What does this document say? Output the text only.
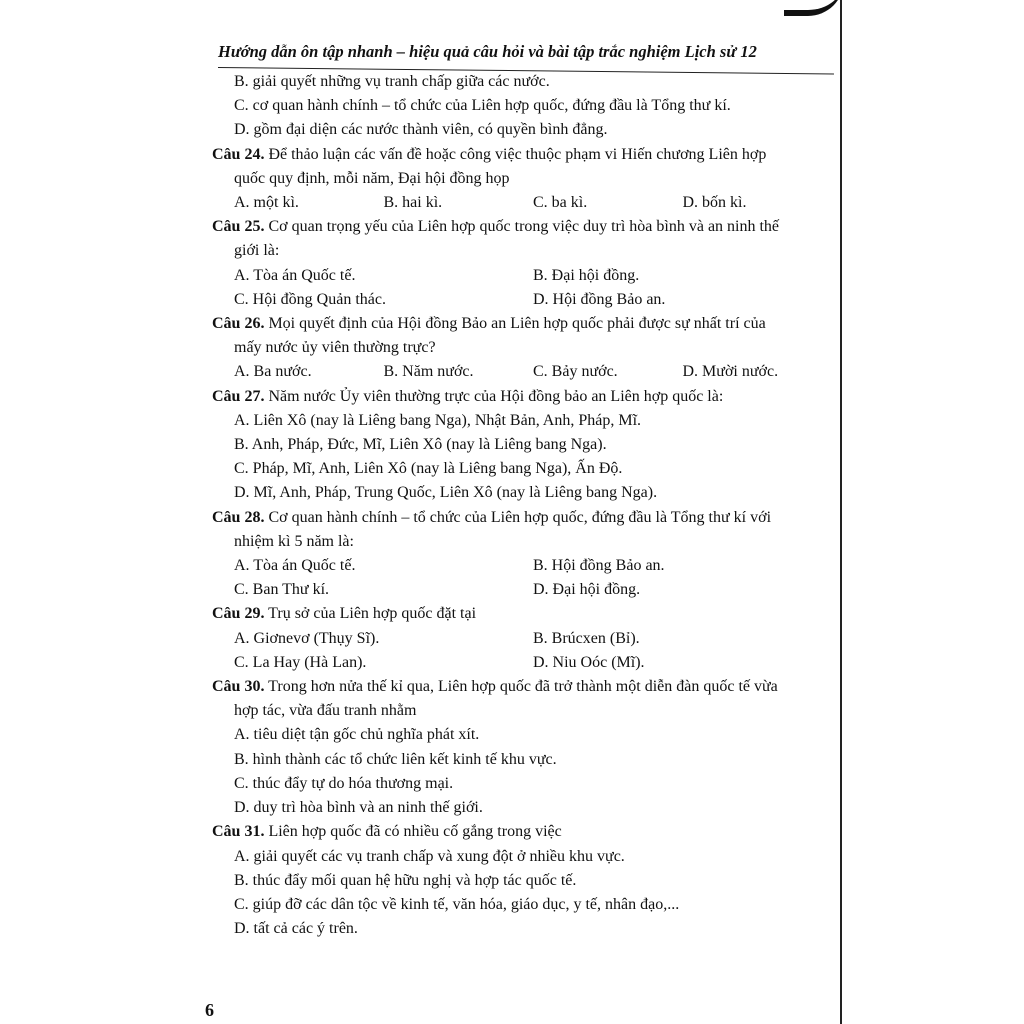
Hướng dẫn ôn tập nhanh – hiệu quả câu hỏi và bài tập trắc nghiệm Lịch sử 12
B. giải quyết những vụ tranh chấp giữa các nước.
C. cơ quan hành chính – tổ chức của Liên hợp quốc, đứng đầu là Tổng thư kí.
D. gồm đại diện các nước thành viên, có quyền bình đẳng.
Câu 24. Để thảo luận các vấn đề hoặc công việc thuộc phạm vi Hiến chương Liên hợp
quốc quy định, mỗi năm, Đại hội đồng họp
A. một kì.	B. hai kì.	C. ba kì.	D. bốn kì.
Câu 25. Cơ quan trọng yếu của Liên hợp quốc trong việc duy trì hòa bình và an ninh thế
giới là:
A. Tòa án Quốc tế.	B. Đại hội đồng.
C. Hội đồng Quản thác.	D. Hội đồng Bảo an.
Câu 26. Mọi quyết định của Hội đồng Bảo an Liên hợp quốc phải được sự nhất trí của
mấy nước ủy viên thường trực?
A. Ba nước.	B. Năm nước.	C. Bảy nước.	D. Mười nước.
Câu 27. Năm nước Ủy viên thường trực của Hội đồng bảo an Liên hợp quốc là:
A. Liên Xô (nay là Liêng bang Nga), Nhật Bản, Anh, Pháp, Mĩ.
B. Anh, Pháp, Đức, Mĩ, Liên Xô (nay là Liêng bang Nga).
C. Pháp, Mĩ, Anh, Liên Xô (nay là Liêng bang Nga), Ấn Độ.
D. Mĩ, Anh, Pháp, Trung Quốc, Liên Xô (nay là Liêng bang Nga).
Câu 28. Cơ quan hành chính – tổ chức của Liên hợp quốc, đứng đầu là Tổng thư kí với
nhiệm kì 5 năm là:
A. Tòa án Quốc tế.	B. Hội đồng Bảo an.
C. Ban Thư kí.	D. Đại hội đồng.
Câu 29. Trụ sở của Liên hợp quốc đặt tại
A. Giơnevơ (Thụy Sĩ).	B. Brúcxen (Bỉ).
C. La Hay (Hà Lan).	D. Niu Oóc (Mĩ).
Câu 30. Trong hơn nửa thế kỉ qua, Liên hợp quốc đã trở thành một diễn đàn quốc tế vừa
hợp tác, vừa đấu tranh nhằm
A. tiêu diệt tận gốc chủ nghĩa phát xít.
B. hình thành các tổ chức liên kết kinh tế khu vực.
C. thúc đẩy tự do hóa thương mại.
D. duy trì hòa bình và an ninh thế giới.
Câu 31. Liên hợp quốc đã có nhiều cố gắng trong việc
A. giải quyết các vụ tranh chấp và xung đột ở nhiều khu vực.
B. thúc đẩy mối quan hệ hữu nghị và hợp tác quốc tế.
C. giúp đỡ các dân tộc về kinh tế, văn hóa, giáo dục, y tế, nhân đạo,...
D. tất cả các ý trên.
6
